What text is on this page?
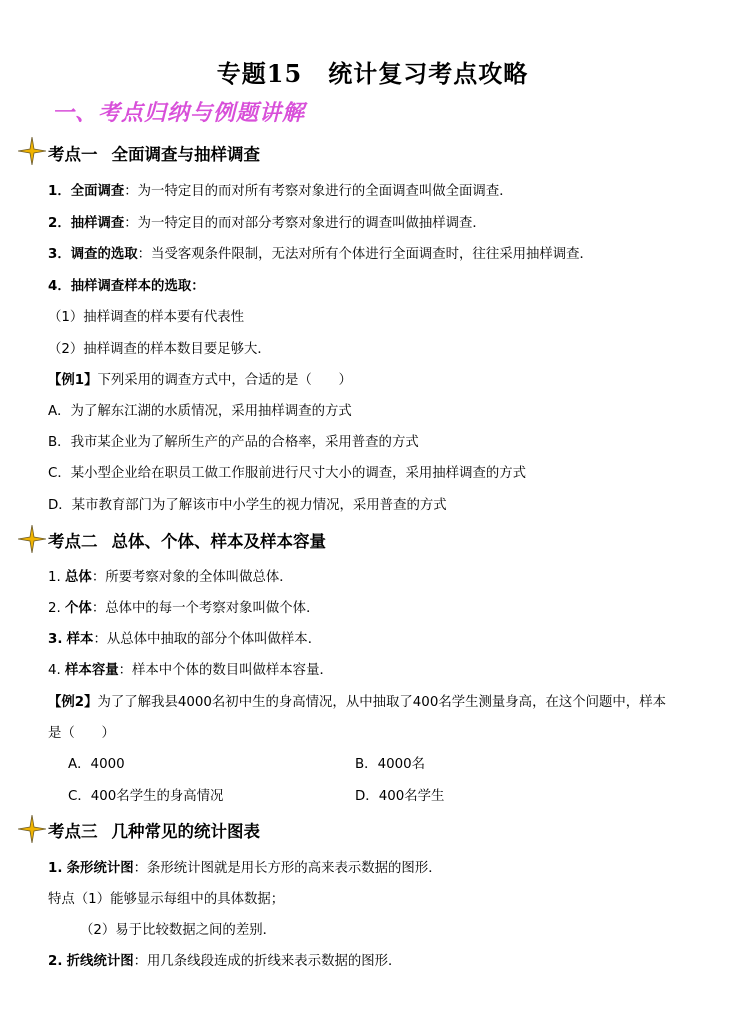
专题15 统计复习考点攻略
一、考点归纳与例题讲解
考点一 全面调查与抽样调查
1．全面调查：为一特定目的而对所有考察对象进行的全面调查叫做全面调查．
2．抽样调查：为一特定目的而对部分考察对象进行的调查叫做抽样调查．
3．调查的选取：当受客观条件限制，无法对所有个体进行全面调查时，往往采用抽样调查．
4．抽样调查样本的选取：
（1）抽样调查的样本要有代表性
（2）抽样调查的样本数目要足够大．
【例1】下列采用的调查方式中，合适的是（　　）
A．为了解东江湖的水质情况，采用抽样调查的方式
B．我市某企业为了解所生产的产品的合格率，采用普查的方式
C．某小型企业给在职员工做工作服前进行尺寸大小的调查，采用抽样调查的方式
D．某市教育部门为了解该市中小学生的视力情况，采用普查的方式
考点二 总体、个体、样本及样本容量
1. 总体：所要考察对象的全体叫做总体．
2. 个体：总体中的每一个考察对象叫做个体．
3. 样本：从总体中抽取的部分个体叫做样本．
4. 样本容量：样本中个体的数目叫做样本容量．
【例2】为了了解我县4000名初中生的身高情况，从中抽取了400名学生测量身高，在这个问题中，样本
是（　　）
A．4000	B．4000名
C．400名学生的身高情况	D．400名学生
考点三 几种常见的统计图表
1. 条形统计图：条形统计图就是用长方形的高来表示数据的图形．
特点（1）能够显示每组中的具体数据；
（2）易于比较数据之间的差别．
2. 折线统计图：用几条线段连成的折线来表示数据的图形．
